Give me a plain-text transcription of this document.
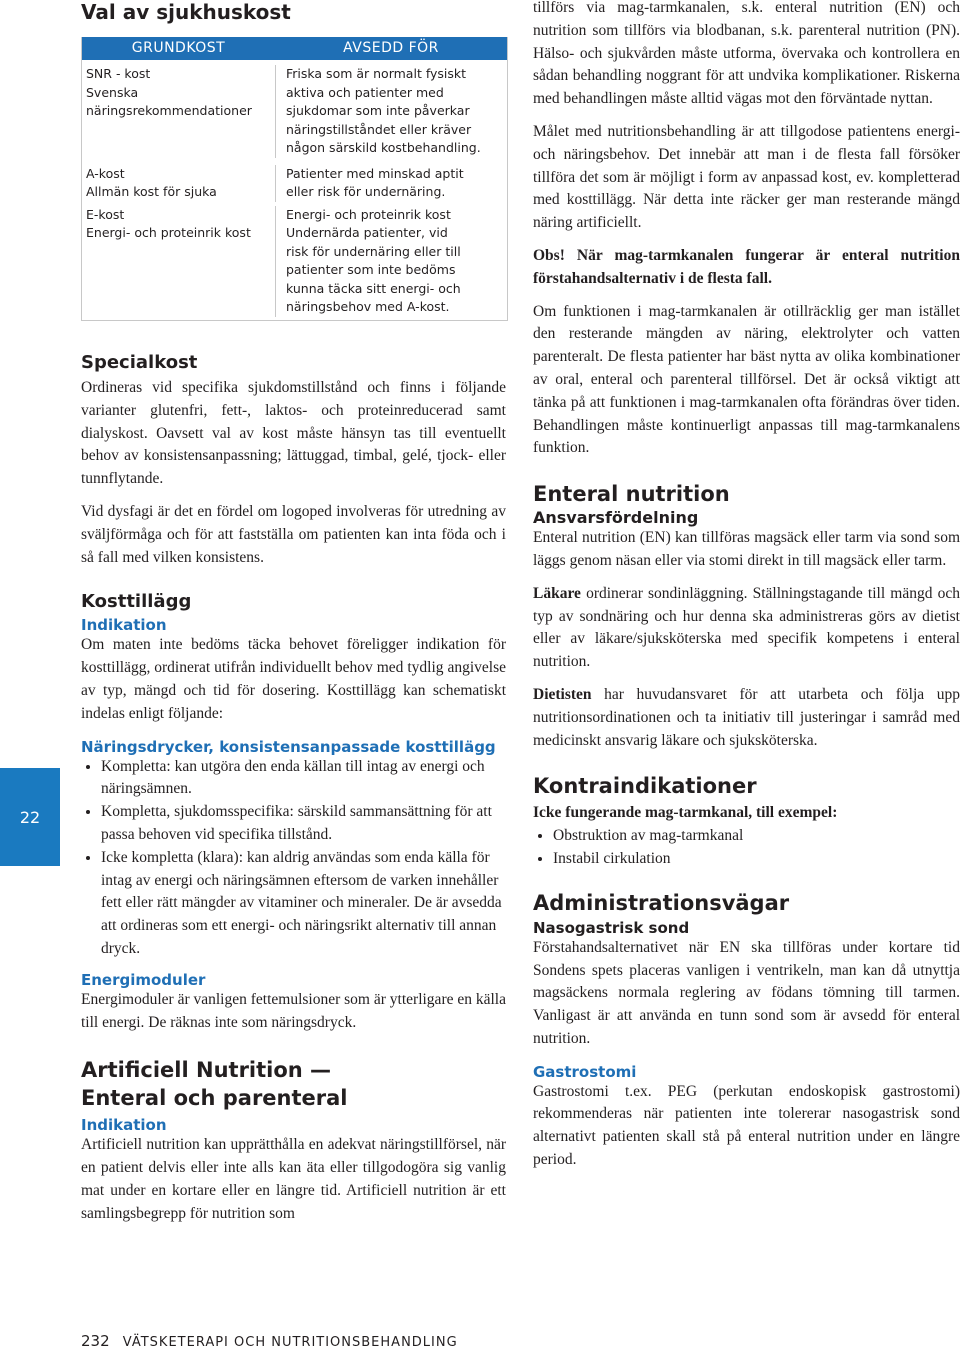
22
Val av sjukhuskost
GRUNDKOST	AVSEDD FÖR
SNR - kost
Svenska
näringsrekommendationer
Friska som är normalt fysiskt
aktiva och patienter med
sjukdomar som inte påverkar
näringstillståndet eller kräver
någon särskild kostbehandling.
A-kost
Allmän kost för sjuka
Patienter med minskad aptit
eller risk för undernäring.
E-kost
Energi- och proteinrik kost
Energi- och proteinrik kost
Undernärda patienter, vid
risk för undernäring eller till
patienter som inte bedöms
kunna täcka sitt energi- och
näringsbehov med A-kost.
Specialkost

Ordineras vid specifika sjukdomstillstånd och finns i följande varianter glutenfri, fett-, laktos- och proteinreducerad samt dialyskost. Oavsett val av kost måste hänsyn tas till eventuellt behov av konsistensanpassning; lättuggad, timbal, gelé, tjock- eller tunnflytande.

Vid dysfagi är det en fördel om logoped involveras för utredning av sväljförmåga och för att fastställa om patienten kan inta föda och i så fall med vilken konsistens.

Kosttillägg
Indikation

Om maten inte bedöms täcka behovet föreligger indikation för kosttillägg, ordinerat utifrån individuellt behov med tydlig angivelse av typ, mängd och tid för dosering. Kosttillägg kan schematiskt indelas enligt följande:

Näringsdrycker, konsistensanpassade kosttillägg
• Kompletta: kan utgöra den enda källan till intag av energi och näringsämnen.
• Kompletta, sjukdomsspecifika: särskild sammansättning för att passa behoven vid specifika tillstånd.
• Icke kompletta (klara): kan aldrig användas som enda källa för intag av energi och näringsämnen eftersom de varken innehåller fett eller rätt mängder av vitaminer och mineraler. De är avsedda att ordineras som ett energi- och näringsrikt alternativ till annan dryck.
Energimoduler

Energimoduler är vanligen fettemulsioner som är ytterligare en källa till energi. De räknas inte som näringsdryck.

Artificiell Nutrition —
Enteral och parenteral
Indikation

Artificiell nutrition kan upprätthålla en adekvat näringstillförsel, när en patient delvis eller inte alls kan äta eller tillgodogöra sig vanlig mat under en kortare eller en längre tid. Artificiell nutrition är ett samlingsbegrepp för nutrition som

tillförs via mag-tarmkanalen, s.k. enteral nutrition (EN) och nutrition som tillförs via blodbanan, s.k. parenteral nutrition (PN). Hälso- och sjukvården måste utforma, övervaka och kontrollera en sådan behandling noggrant för att undvika komplikationer. Riskerna med behandlingen måste alltid vägas mot den förväntade nyttan.

Målet med nutritionsbehandling är att tillgodose patientens energi- och näringsbehov. Det innebär att man i de flesta fall försöker tillföra det som är möjligt i form av anpassad kost, ev. kompletterad med kosttillägg. När detta inte räcker ger man resterande mängd näring artificiellt.

Obs! När mag-tarmkanalen fungerar är enteral nutrition förstahandsalternativ i de flesta fall.

Om funktionen i mag-tarmkanalen är otillräcklig ger man istället den resterande mängden av näring, elektrolyter och vatten parenteralt. De flesta patienter har bäst nytta av olika kombinationer av oral, enteral och parenteral tillförsel. Det är också viktigt att tänka på att funktionen i mag-tarmkanalen ofta förändras över tiden. Behandlingen måste kontinuerligt anpassas till mag-tarmkanalens funktion.

Enteral nutrition
Ansvarsfördelning

Enteral nutrition (EN) kan tillföras magsäck eller tarm via sond som läggs genom näsan eller via stomi direkt in till magsäck eller tarm.

Läkare ordinerar sondinläggning. Ställningstagande till mängd och typ av sondnäring och hur denna ska administreras görs av dietist eller av läkare/sjuksköterska med specifik kompetens i enteral nutrition.

Dietisten har huvudansvaret för att utarbeta och följa upp nutritionsordinationen och ta initiativ till justeringar i samråd med medicinskt ansvarig läkare och sjuksköterska.

Kontraindikationer

Icke fungerande mag-tarmkanal, till exempel:

• Obstruktion av mag-tarmkanal
• Instabil cirkulation
Administrationsvägar
Nasogastrisk sond

Förstahandsalternativet när EN ska tillföras under kortare tid Sondens spets placeras vanligen i ventrikeln, man kan då utnyttja magsäckens normala reglering av födans tömning till tarmen. Vanligast är att använda en tunn sond som är avsedd för enteral nutrition.

Gastrostomi

Gastrostomi t.ex. PEG (perkutan endoskopisk gastrostomi) rekommenderas när patienten inte tolererar nasogastrisk sond alternativt patienten skall stå på enteral nutrition under en längre period.

232 VÄTSKETERAPI OCH NUTRITIONSBEHANDLING
